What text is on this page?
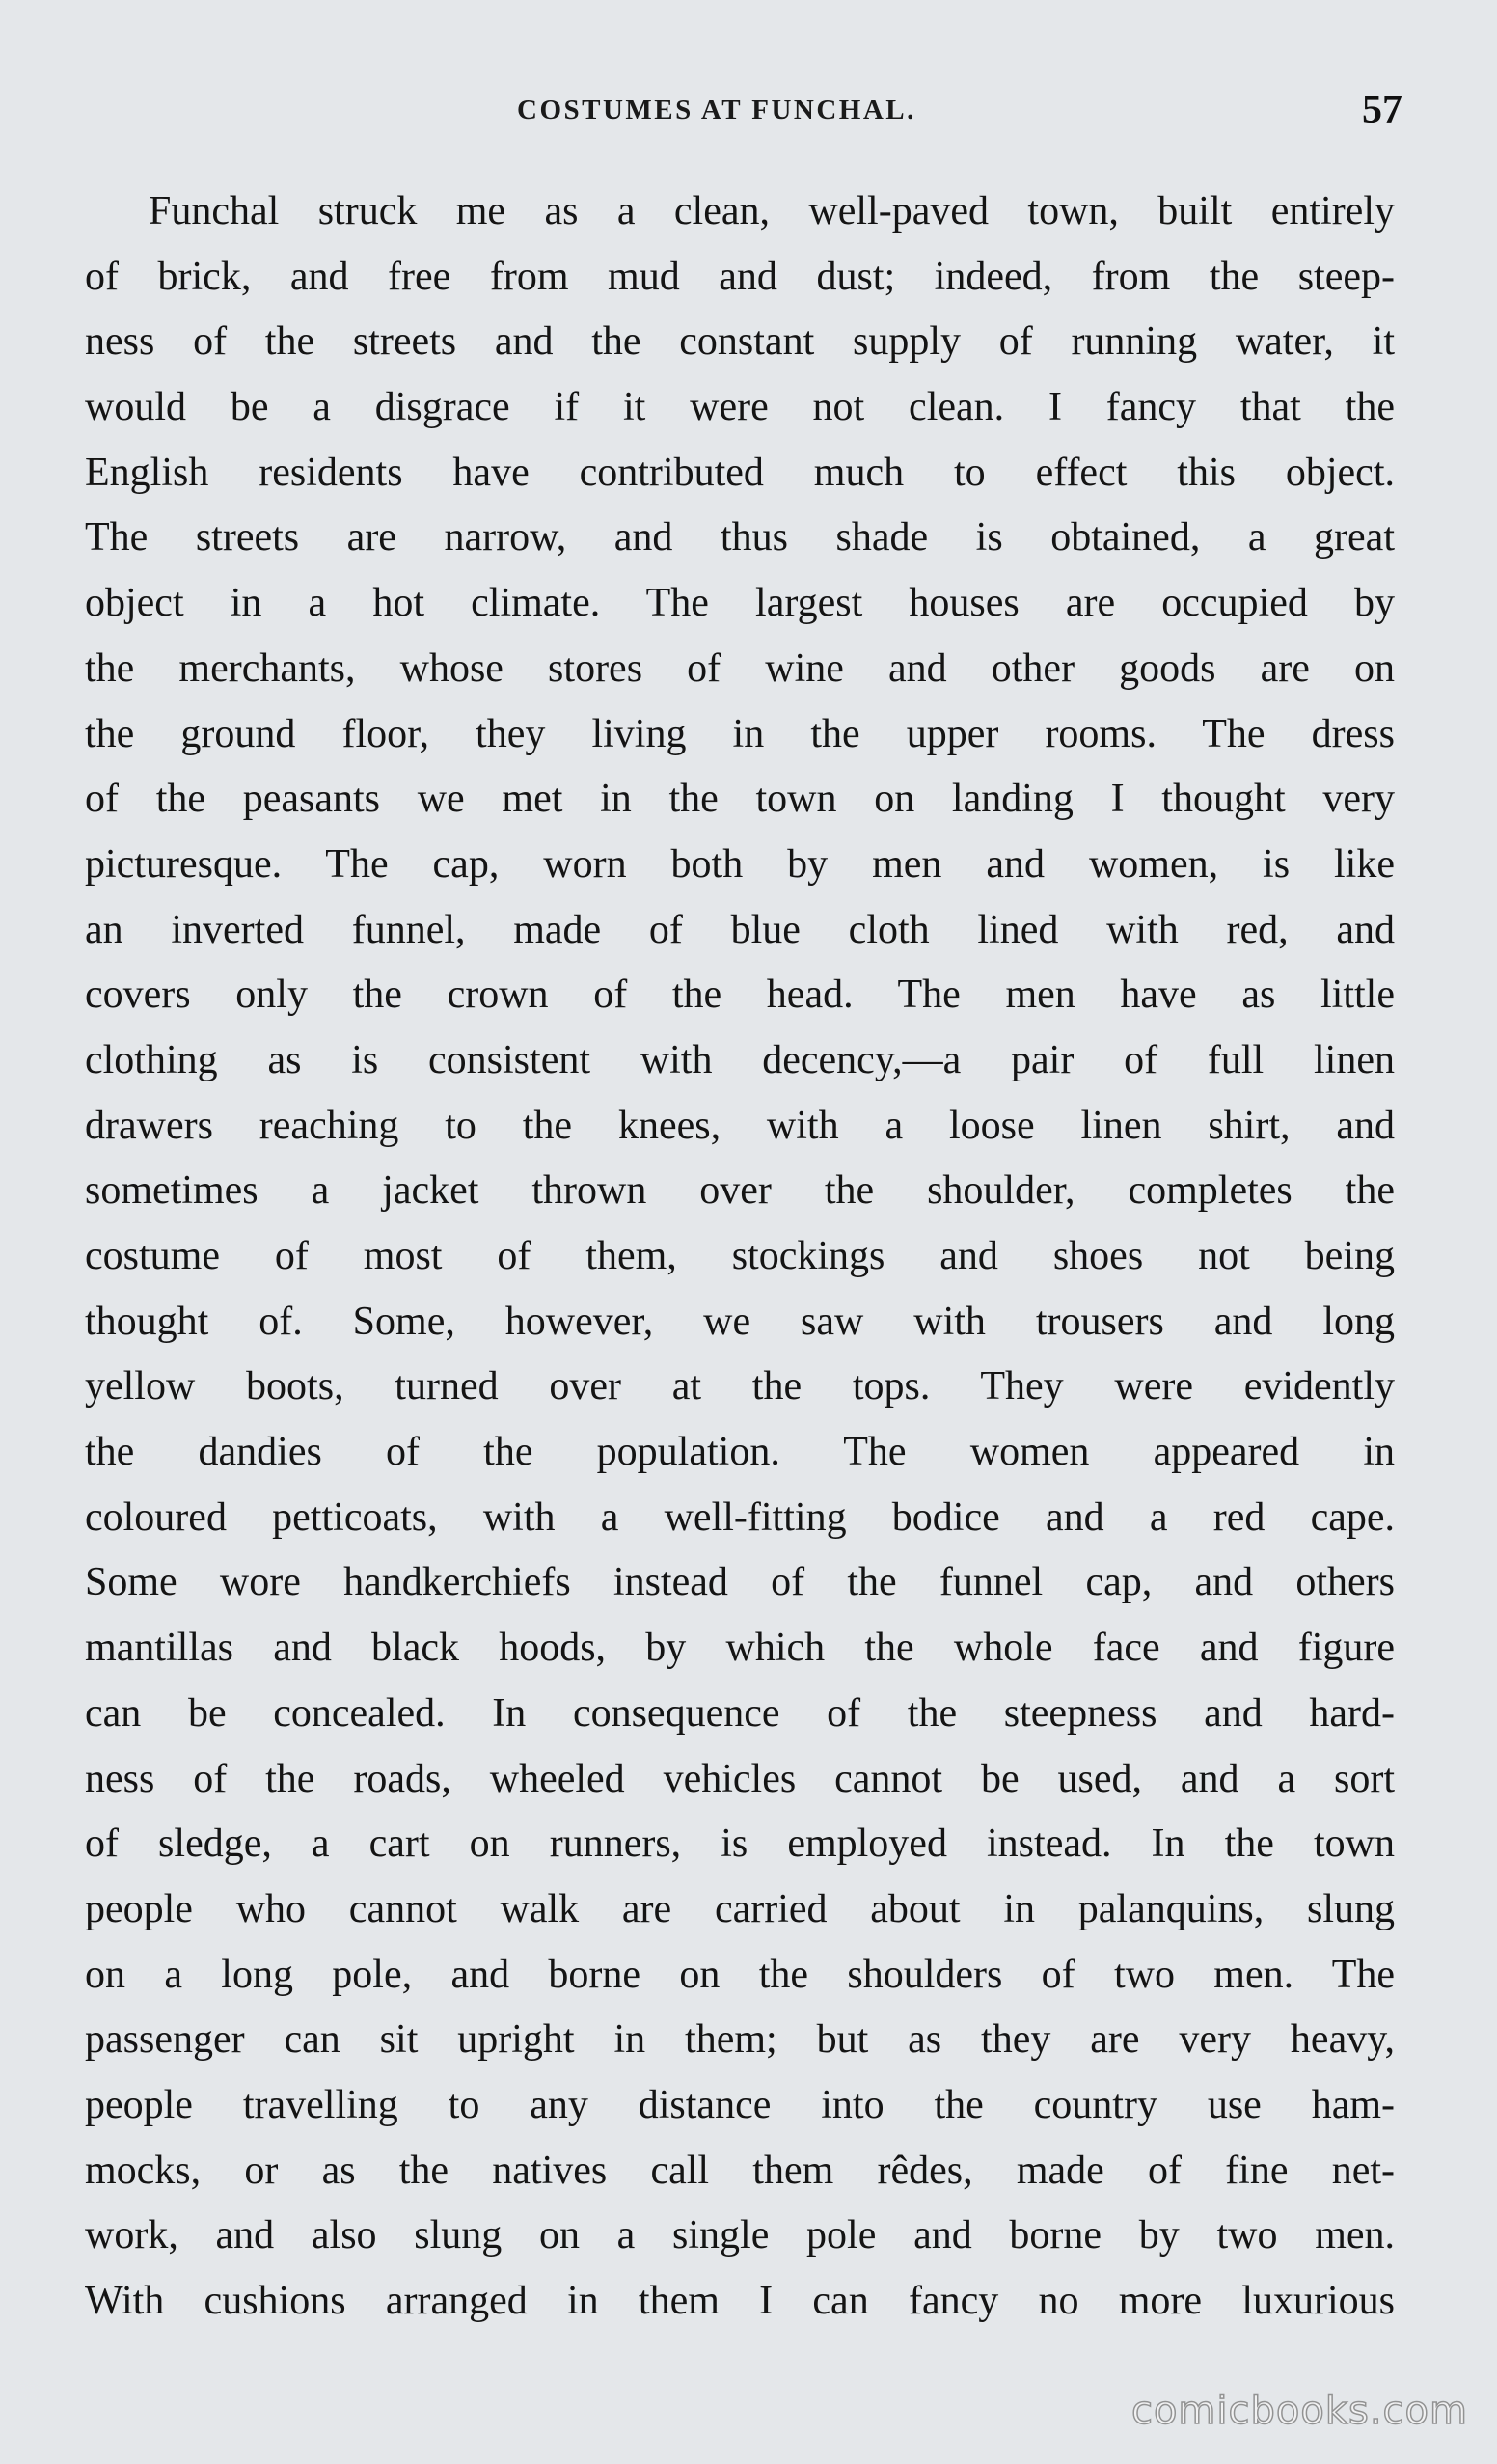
COSTUMES AT FUNCHAL.	57
Funchal struck me as a clean, well-paved town, built entirely
of brick, and free from mud and dust; indeed, from the steep-
ness of the streets and the constant supply of running water, it
would be a disgrace if it were not clean. I fancy that the
English residents have contributed much to effect this object.
The streets are narrow, and thus shade is obtained, a great
object in a hot climate. The largest houses are occupied by
the merchants, whose stores of wine and other goods are on
the ground floor, they living in the upper rooms. The dress
of the peasants we met in the town on landing I thought very
picturesque. The cap, worn both by men and women, is like
an inverted funnel, made of blue cloth lined with red, and
covers only the crown of the head. The men have as little
clothing as is consistent with decency,—a pair of full linen
drawers reaching to the knees, with a loose linen shirt, and
sometimes a jacket thrown over the shoulder, completes the
costume of most of them, stockings and shoes not being
thought of. Some, however, we saw with trousers and long
yellow boots, turned over at the tops. They were evidently
the dandies of the population. The women appeared in
coloured petticoats, with a well-fitting bodice and a red cape.
Some wore handkerchiefs instead of the funnel cap, and others
mantillas and black hoods, by which the whole face and figure
can be concealed. In consequence of the steepness and hard-
ness of the roads, wheeled vehicles cannot be used, and a sort
of sledge, a cart on runners, is employed instead. In the town
people who cannot walk are carried about in palanquins, slung
on a long pole, and borne on the shoulders of two men. The
passenger can sit upright in them; but as they are very heavy,
people travelling to any distance into the country use ham-
mocks, or as the natives call them rêdes, made of fine net-
work, and also slung on a single pole and borne by two men.
With cushions arranged in them I can fancy no more luxurious
comicbooks.com
